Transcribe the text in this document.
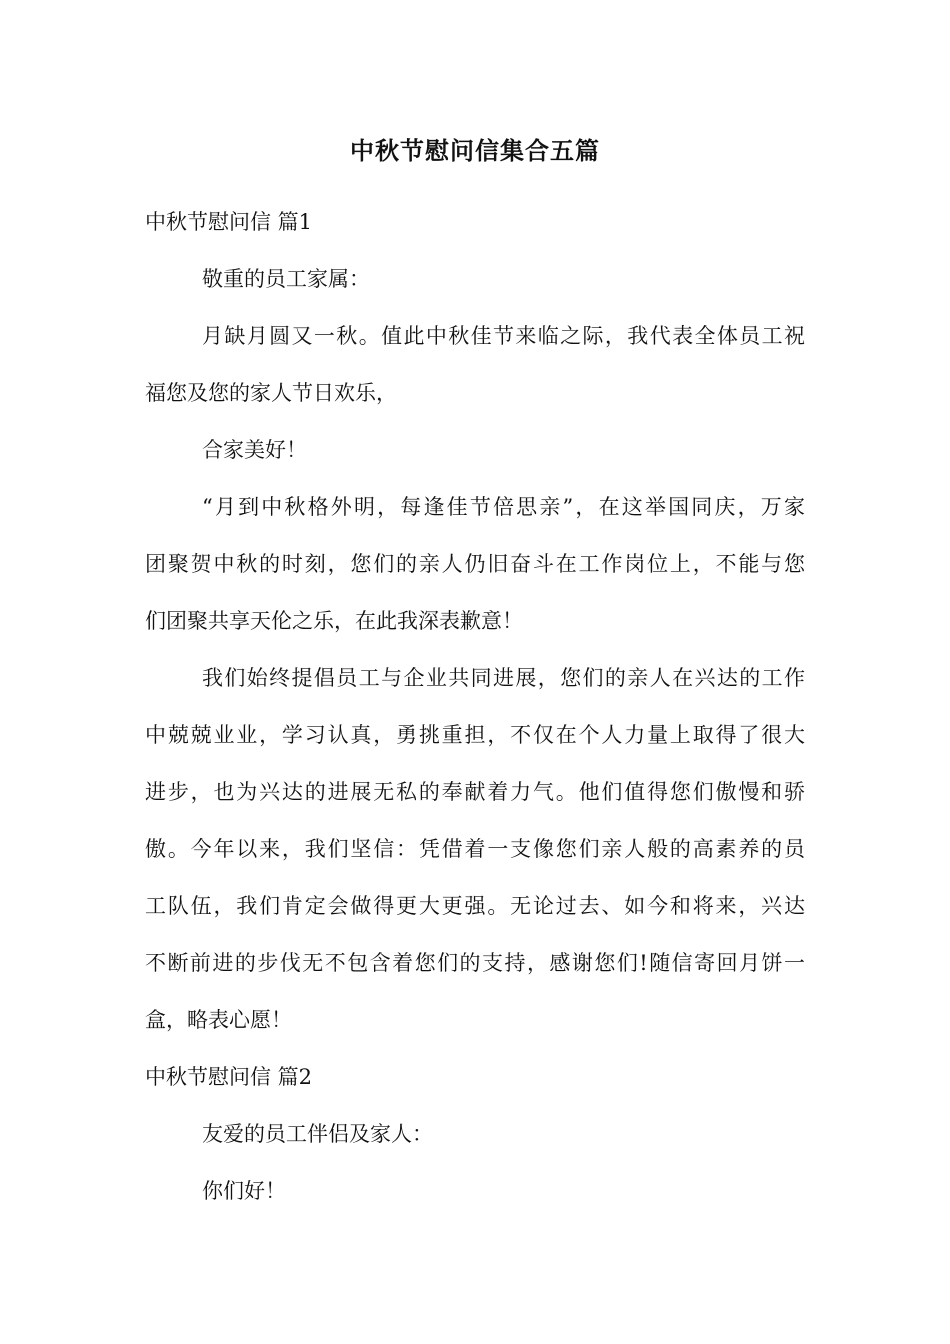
中秋节慰问信集合五篇
中秋节慰问信 篇1
敬重的员工家属：
月缺月圆又一秋。值此中秋佳节来临之际，我代表全体员工祝
福您及您的家人节日欢乐，
合家美好！
“月到中秋格外明，每逢佳节倍思亲”，在这举国同庆，万家
团聚贺中秋的时刻，您们的亲人仍旧奋斗在工作岗位上，不能与您
们团聚共享天伦之乐，在此我深表歉意！
我们始终提倡员工与企业共同进展，您们的亲人在兴达的工作
中兢兢业业，学习认真，勇挑重担，不仅在个人力量上取得了很大
进步，也为兴达的进展无私的奉献着力气。他们值得您们傲慢和骄
傲。今年以来，我们坚信：凭借着一支像您们亲人般的高素养的员
工队伍，我们肯定会做得更大更强。无论过去、如今和将来，兴达
不断前进的步伐无不包含着您们的支持，感谢您们!随信寄回月饼一
盒，略表心愿！
中秋节慰问信 篇2
友爱的员工伴侣及家人：
你们好！
